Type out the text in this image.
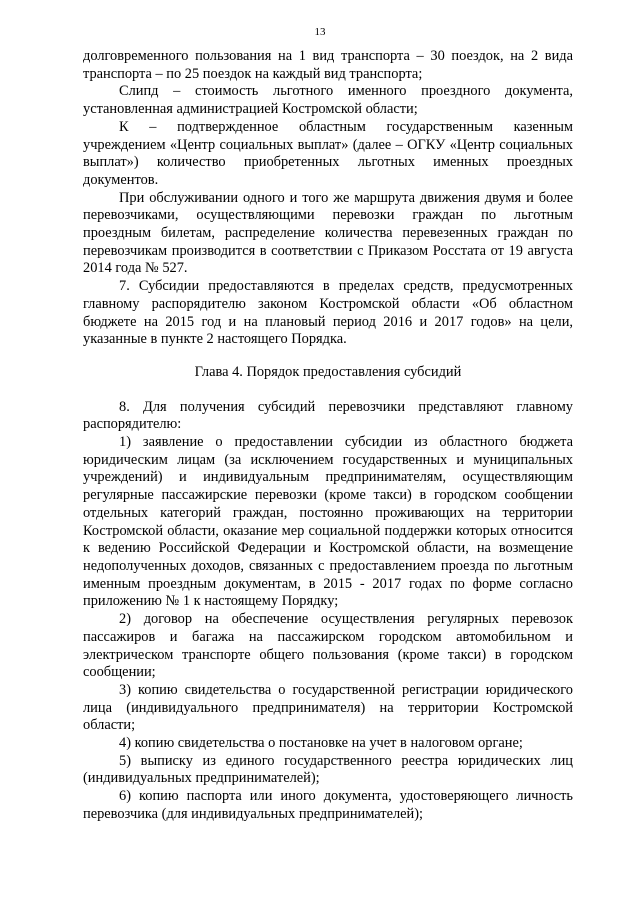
13

долговременного пользования на 1 вид транспорта – 30 поездок, на 2 вида транспорта – по 25 поездок на каждый вид транспорта;

Слипд – стоимость льготного именного проездного документа, установленная администрацией Костромской области;

К – подтвержденное областным государственным казенным учреждением «Центр социальных выплат» (далее – ОГКУ «Центр социальных выплат») количество приобретенных льготных именных проездных документов.

При обслуживании одного и того же маршрута движения двумя и более перевозчиками, осуществляющими перевозки граждан по льготным проездным билетам, распределение количества перевезенных граждан по перевозчикам производится в соответствии с Приказом Росстата от 19 августа 2014 года № 527.

7. Субсидии предоставляются в пределах средств, предусмотренных главному распорядителю законом Костромской области «Об областном бюджете на 2015 год и на плановый период 2016 и 2017 годов» на цели, указанные в пункте 2 настоящего Порядка.

Глава 4. Порядок предоставления субсидий

8. Для получения субсидий перевозчики представляют главному распорядителю:

1) заявление о предоставлении субсидии из областного бюджета юридическим лицам (за исключением государственных и муниципальных учреждений) и индивидуальным предпринимателям, осуществляющим регулярные пассажирские перевозки (кроме такси) в городском сообщении отдельных категорий граждан, постоянно проживающих на территории Костромской области, оказание мер социальной поддержки которых относится к ведению Российской Федерации и Костромской области, на возмещение недополученных доходов, связанных с предоставлением проезда по льготным именным проездным документам, в 2015 - 2017 годах по форме согласно приложению № 1 к настоящему Порядку;

2) договор на обеспечение осуществления регулярных перевозок пассажиров и багажа на пассажирском городском автомобильном и электрическом транспорте общего пользования (кроме такси) в городском сообщении;

3) копию свидетельства о государственной регистрации юридического лица (индивидуального предпринимателя) на территории Костромской области;

4) копию свидетельства о постановке на учет в налоговом органе;

5) выписку из единого государственного реестра юридических лиц (индивидуальных предпринимателей);

6) копию паспорта или иного документа, удостоверяющего личность перевозчика (для индивидуальных предпринимателей);
